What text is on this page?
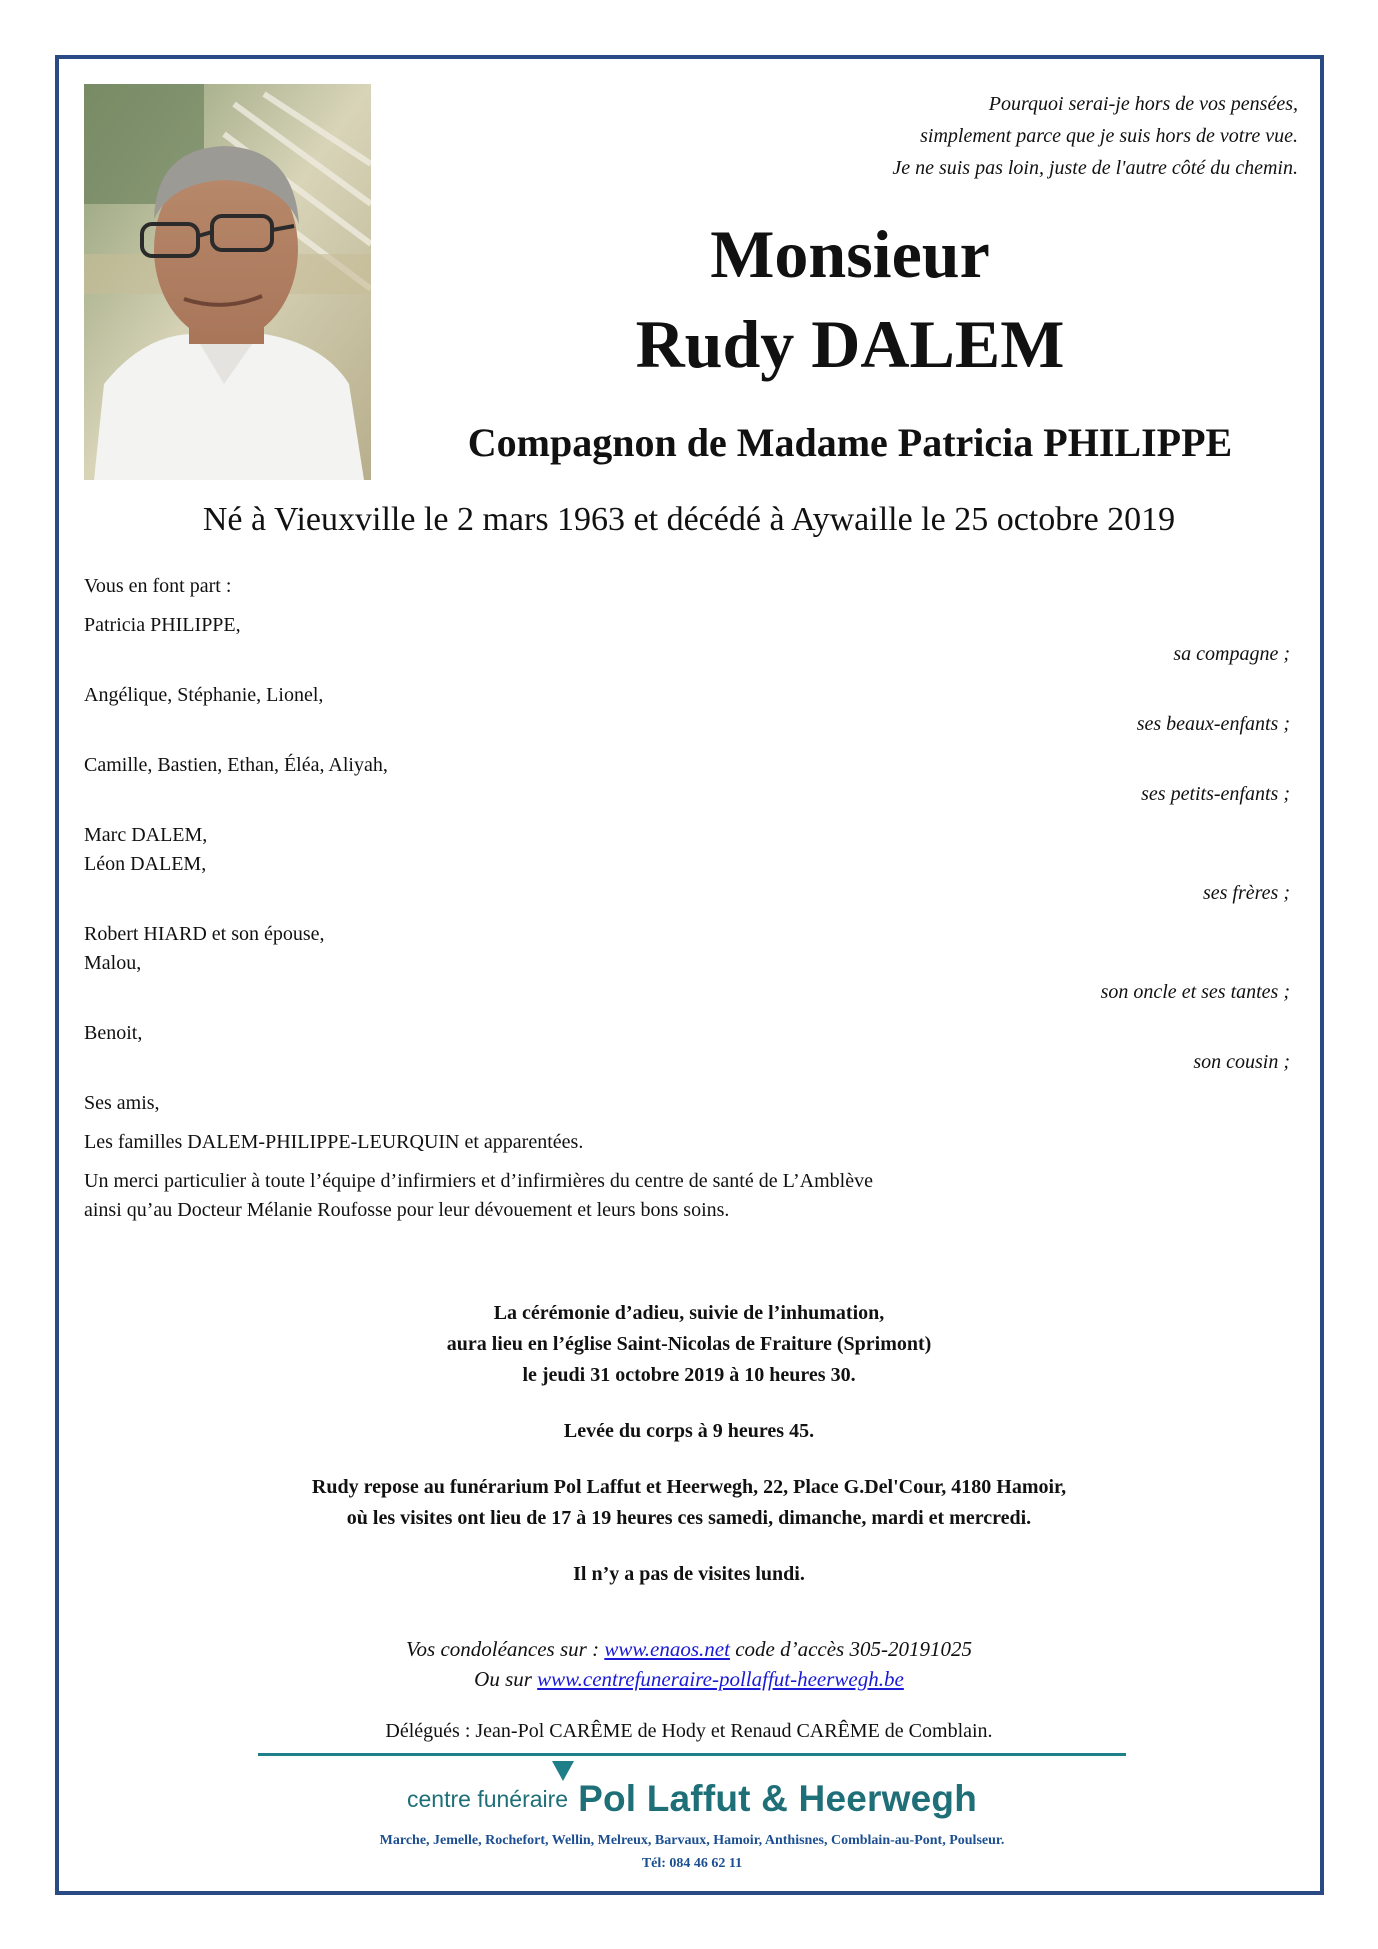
Pourquoi serai-je hors de vos pensées,
simplement parce que je suis hors de votre vue.
Je ne suis pas loin, juste de l'autre côté du chemin.
Monsieur
Rudy DALEM
Compagnon de Madame Patricia PHILIPPE
Né à Vieuxville le 2 mars 1963 et décédé à Aywaille le 25 octobre 2019
Vous en font part :
Patricia PHILIPPE,
sa compagne ;
Angélique, Stéphanie, Lionel,
ses beaux-enfants ;
Camille, Bastien, Ethan, Éléa, Aliyah,
ses petits-enfants ;
Marc DALEM,
Léon DALEM,
ses frères ;
Robert HIARD et son épouse,
Malou,
son oncle et ses tantes ;
Benoit,
son cousin ;
Ses amis,
Les familles DALEM-PHILIPPE-LEURQUIN et apparentées.
Un merci particulier à toute l’équipe d’infirmiers et d’infirmières du centre de santé de L’Amblève
ainsi qu’au Docteur Mélanie Roufosse pour leur dévouement et leurs bons soins.
La cérémonie d’adieu, suivie de l’inhumation,
aura lieu en l’église Saint-Nicolas de Fraiture (Sprimont)
le jeudi 31 octobre 2019 à 10 heures 30.
Levée du corps à 9 heures 45.
Rudy repose au funérarium Pol Laffut et Heerwegh, 22, Place G.Del'Cour, 4180 Hamoir,
où les visites ont lieu de 17 à 19 heures ces samedi, dimanche, mardi et mercredi.
Il n’y a pas de visites lundi.
Vos condoléances sur : www.enaos.net code d’accès 305-20191025
Ou sur www.centrefuneraire-pollaffut-heerwegh.be
Délégués : Jean-Pol CARÊME de Hody et Renaud CARÊME de Comblain.
centre funéraire Pol Laffut & Heerwegh
Marche, Jemelle, Rochefort, Wellin, Melreux, Barvaux, Hamoir, Anthisnes, Comblain-au-Pont, Poulseur.
Tél: 084 46 62 11
